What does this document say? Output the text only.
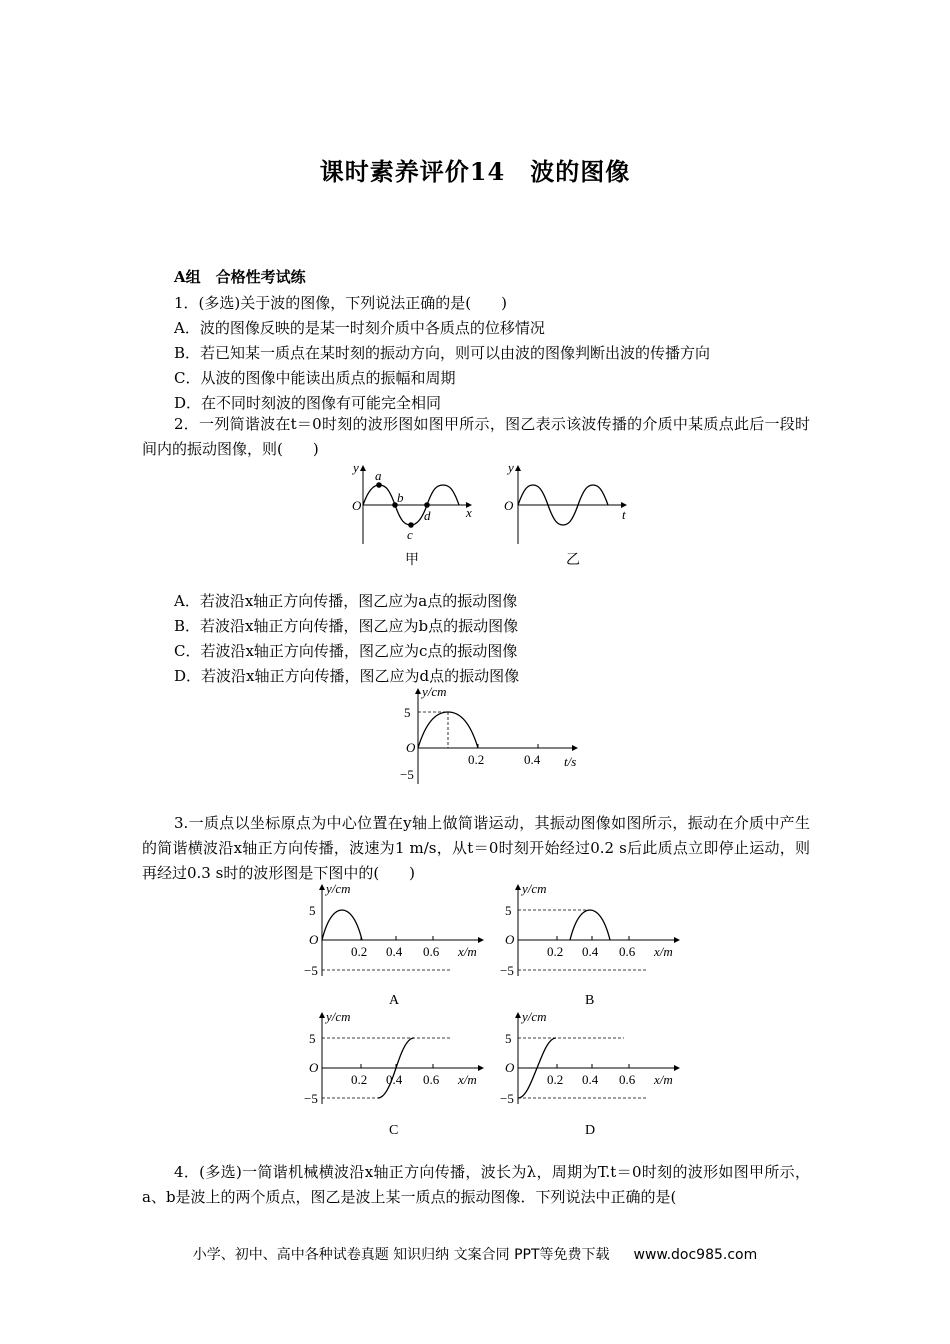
课时素养评价14　波的图像
A组　合格性考试练
1．(多选)关于波的图像，下列说法正确的是(　　)
A．波的图像反映的是某一时刻介质中各质点的位移情况
B．若已知某一质点在某时刻的振动方向，则可以由波的图像判断出波的传播方向
C．从波的图像中能读出质点的振幅和周期
D．在不同时刻波的图像有可能完全相同
2．一列简谐波在t＝0时刻的波形图如图甲所示，图乙表示该波传播的介质中某质点此后一段时间内的振动图像，则(　　)
y
O	x
a
b
c
d
甲
y
O
t
乙
A．若波沿x轴正方向传播，图乙应为a点的振动图像
B．若波沿x轴正方向传播，图乙应为b点的振动图像
C．若波沿x轴正方向传播，图乙应为c点的振动图像
D．若波沿x轴正方向传播，图乙应为d点的振动图像
y/cm
5
O
−5
0.2	0.4 t/s
3.一质点以坐标原点为中心位置在y轴上做简谐运动，其振动图像如图所示，振动在介质中产生的简谐横波沿x轴正方向传播，波速为1 m/s，从t＝0时刻开始经过0.2 s后此质点立即停止运动，则再经过0.3 s时的波形图是下图中的(　　)
y/cm
5
O
−5
0.2 0.4 0.6 x/m
A
y/cm
5
O
−5
0.2 0.4 0.6 x/m
B
y/cm
5
O
−5
0.2 0.4 0.6 x/m
C
y/cm
5
O
−5
0.2 0.4 0.6 x/m
D
4．(多选)一简谐机械横波沿x轴正方向传播，波长为λ，周期为T.t＝0时刻的波形如图甲所示，a、b是波上的两个质点，图乙是波上某一质点的振动图像．下列说法中正确的是(
小学、初中、高中各种试卷真题 知识归纳 文案合同 PPT等免费下载 www.doc985.com
